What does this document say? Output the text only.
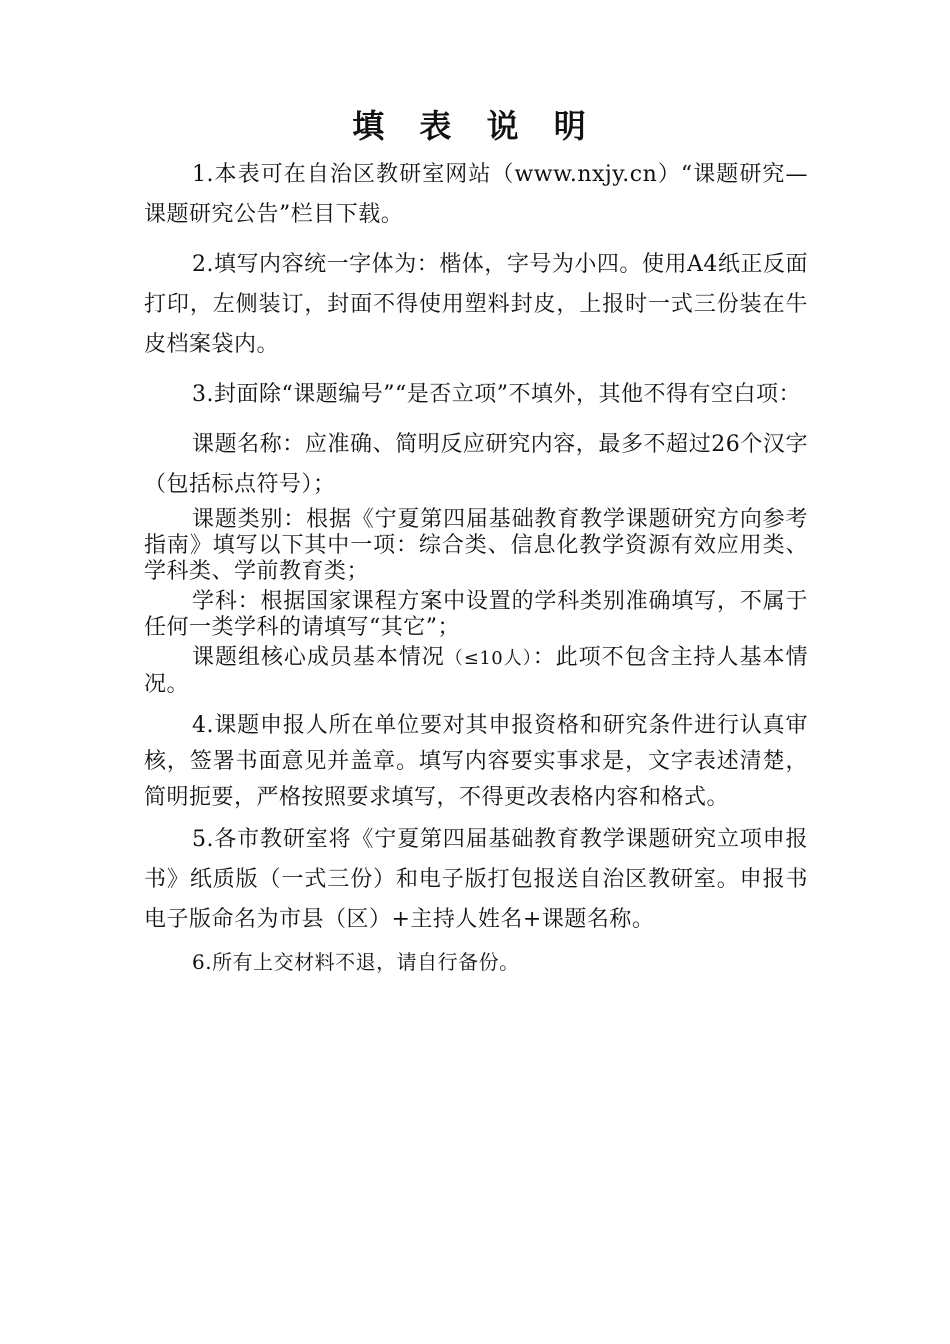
填 表 说 明

1.本表可在自治区教研室网站（www.nxjy.cn）“课题研究—课题研究公告”栏目下载。

2.填写内容统一字体为：楷体，字号为小四。使用A4纸正反面打印，左侧装订，封面不得使用塑料封皮，上报时一式三份装在牛皮档案袋内。

3.封面除“课题编号”“是否立项”不填外，其他不得有空白项：

课题名称：应准确、简明反应研究内容，最多不超过26个汉字（包括标点符号）；

课题类别：根据《宁夏第四届基础教育教学课题研究方向参考指南》填写以下其中一项：综合类、信息化教学资源有效应用类、学科类、学前教育类；

学科：根据国家课程方案中设置的学科类别准确填写，不属于任何一类学科的请填写“其它”；

课题组核心成员基本情况（≤10人）：此项不包含主持人基本情况。

4.课题申报人所在单位要对其申报资格和研究条件进行认真审核，签署书面意见并盖章。填写内容要实事求是，文字表述清楚，简明扼要，严格按照要求填写，不得更改表格内容和格式。

5.各市教研室将《宁夏第四届基础教育教学课题研究立项申报书》纸质版（一式三份）和电子版打包报送自治区教研室。申报书电子版命名为市县（区）+主持人姓名+课题名称。

6.所有上交材料不退，请自行备份。
